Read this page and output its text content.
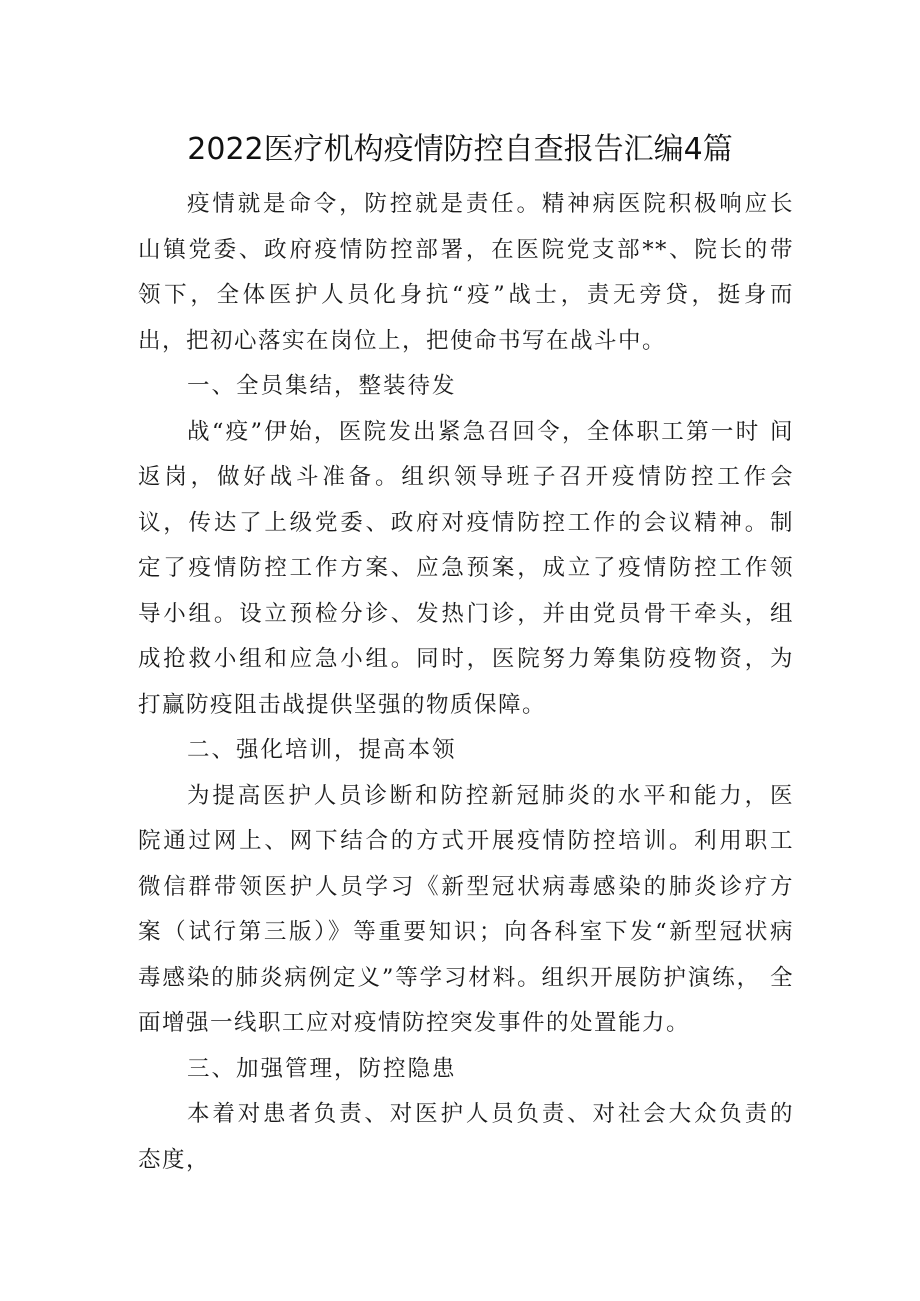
2022医疗机构疫情防控自查报告汇编4篇

疫情就是命令，防控就是责任。精神病医院积极响应长 山镇党委、政府疫情防控部署，在医院党支部**、院长的带 领下，全体医护人员化身抗“疫”战士，责无旁贷，挺身而 出，把初心落实在岗位上，把使命书写在战斗中。

一、全员集结，整装待发

战“疫”伊始，医院发出紧急召回令，全体职工第一时 间返岗，做好战斗准备。组织领导班子召开疫情防控工作会 议，传达了上级党委、政府对疫情防控工作的会议精神。制 定了疫情防控工作方案、应急预案，成立了疫情防控工作领 导小组。设立预检分诊、发热门诊，并由党员骨干牵头，组 成抢救小组和应急小组。同时，医院努力筹集防疫物资，为 打赢防疫阻击战提供坚强的物质保障。

二、强化培训，提高本领

为提高医护人员诊断和防控新冠肺炎的水平和能力，医 院通过网上、网下结合的方式开展疫情防控培训。利用职工 微信群带领医护人员学习《新型冠状病毒感染的肺炎诊疗方 案（试行第三版）》等重要知识；向各科室下发“新型冠状病 毒感染的肺炎病例定义”等学习材料。组织开展防护演练， 全面增强一线职工应对疫情防控突发事件的处置能力。

三、加强管理，防控隐患

本着对患者负责、对医护人员负责、对社会大众负责的 态度，
